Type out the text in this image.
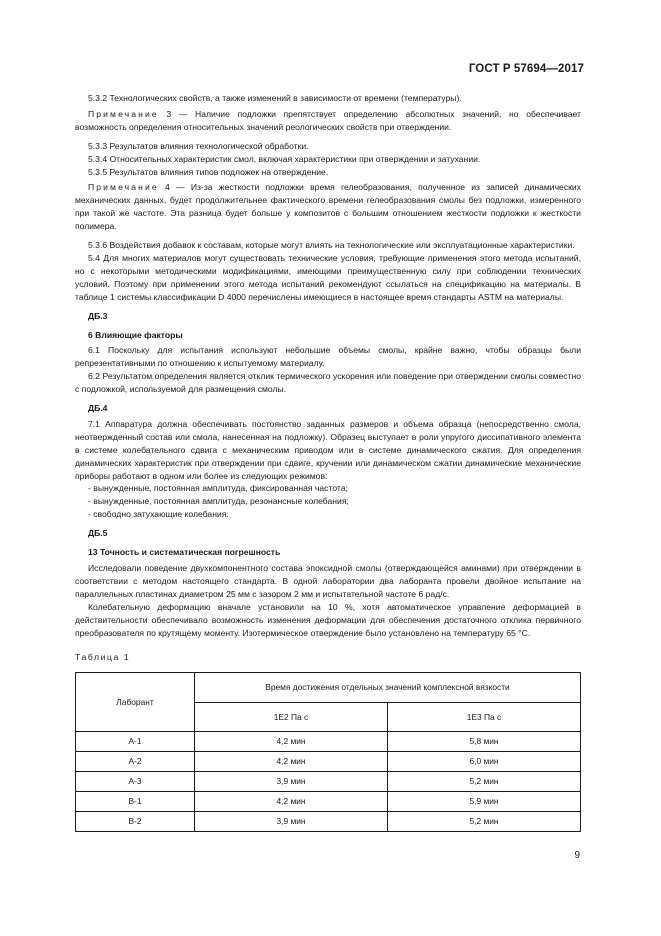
ГОСТ Р 57694—2017

5.3.2 Технологических свойств, а также изменений в зависимости от времени (температуры).

Примечание 3 — Наличие подложки препятствует определению абсолютных значений, но обеспечивает возможность определения относительных значений реологических свойств при отверждении.

5.3.3 Результатов влияния технологической обработки.

5.3.4 Относительных характеристик смол, включая характеристики при отверждении и затухании.

5.3.5 Результатов влияния типов подложек на отверждение.

Примечание 4 — Из-за жесткости подложки время гелеобразования, полученное из записей динамических механических данных, будет продолжительнее фактического времени гелеобразования смолы без подложки, измеренного при такой же частоте. Эта разница будет больше у композитов с большим отношением жесткости подложки к жесткости полимера.

5.3.6 Воздействия добавок к составам, которые могут влиять на технологические или эксплуатационные характеристики.

5.4 Для многих материалов могут существовать технические условия, требующие применения этого метода испытаний, но с некоторыми методическими модификациями, имеющими преимущественную силу при соблюдении технических условий. Поэтому при применении этого метода испытаний рекомендуют ссылаться на спецификацию на материалы. В таблице 1 системы классификации D 4000 перечислены имеющиеся в настоящее время стандарты ASTM на материалы.

ДБ.3

6 Влияющие факторы

6.1 Поскольку для испытания используют небольшие объемы смолы, крайне важно, чтобы образцы были репрезентативными по отношению к испытуемому материалу.

6.2 Результатом определения является отклик термического ускорения или поведение при отверждении смолы совместно с подложкой, используемой для размещения смолы.

ДБ.4

7.1 Аппаратура должна обеспечивать постоянство заданных размеров и объема образца (непосредственно смола, неотвержденный состав или смола, нанесенная на подложку). Образец выступает в роли упругого диссипативного элемента в системе колебательного сдвига с механическим приводом или в системе динамического сжатия. Для определения динамических характеристик при отверждении при сдвиге, кручении или динамическом сжатии динамические механические приборы работают в одном или более из следующих режимов:

- вынужденные, постоянная амплитуда, фиксированная частота;
- вынужденные, постоянная амплитуда, резонансные колебания;
- свободно затухающие колебания.

ДБ.5

13 Точность и систематическая погрешность

Исследовали поведение двухкомпонентного состава эпоксидной смолы (отверждающейся аминами) при отверждении в соответствии с методом настоящего стандарта. В одной лаборатории два лаборанта провели двойное испытание на параллельных пластинах диаметром 25 мм с зазором 2 мм и испытательной частоте 6 рад/с.

Колебательную деформацию вначале установили на 10 %, хотя автоматическое управление деформацией в действительности обеспечивало возможность изменения деформации для обеспечения достаточного отклика первичного преобразователя по крутящему моменту. Изотермическое отверждение было установлено на температуру 65 °С.

Таблица 1

Лаборант	Время достижения отдельных значений комплексной вязкости	
	1E2 Па с	1E3 Па с
А-1	4,2 мин	5,8 мин
А-2	4,2 мин	6,0 мин
А-3	3,9 мин	5,2 мин
В-1	4,2 мин	5,9 мин
В-2	3,9 мин	5,2 мин
9
